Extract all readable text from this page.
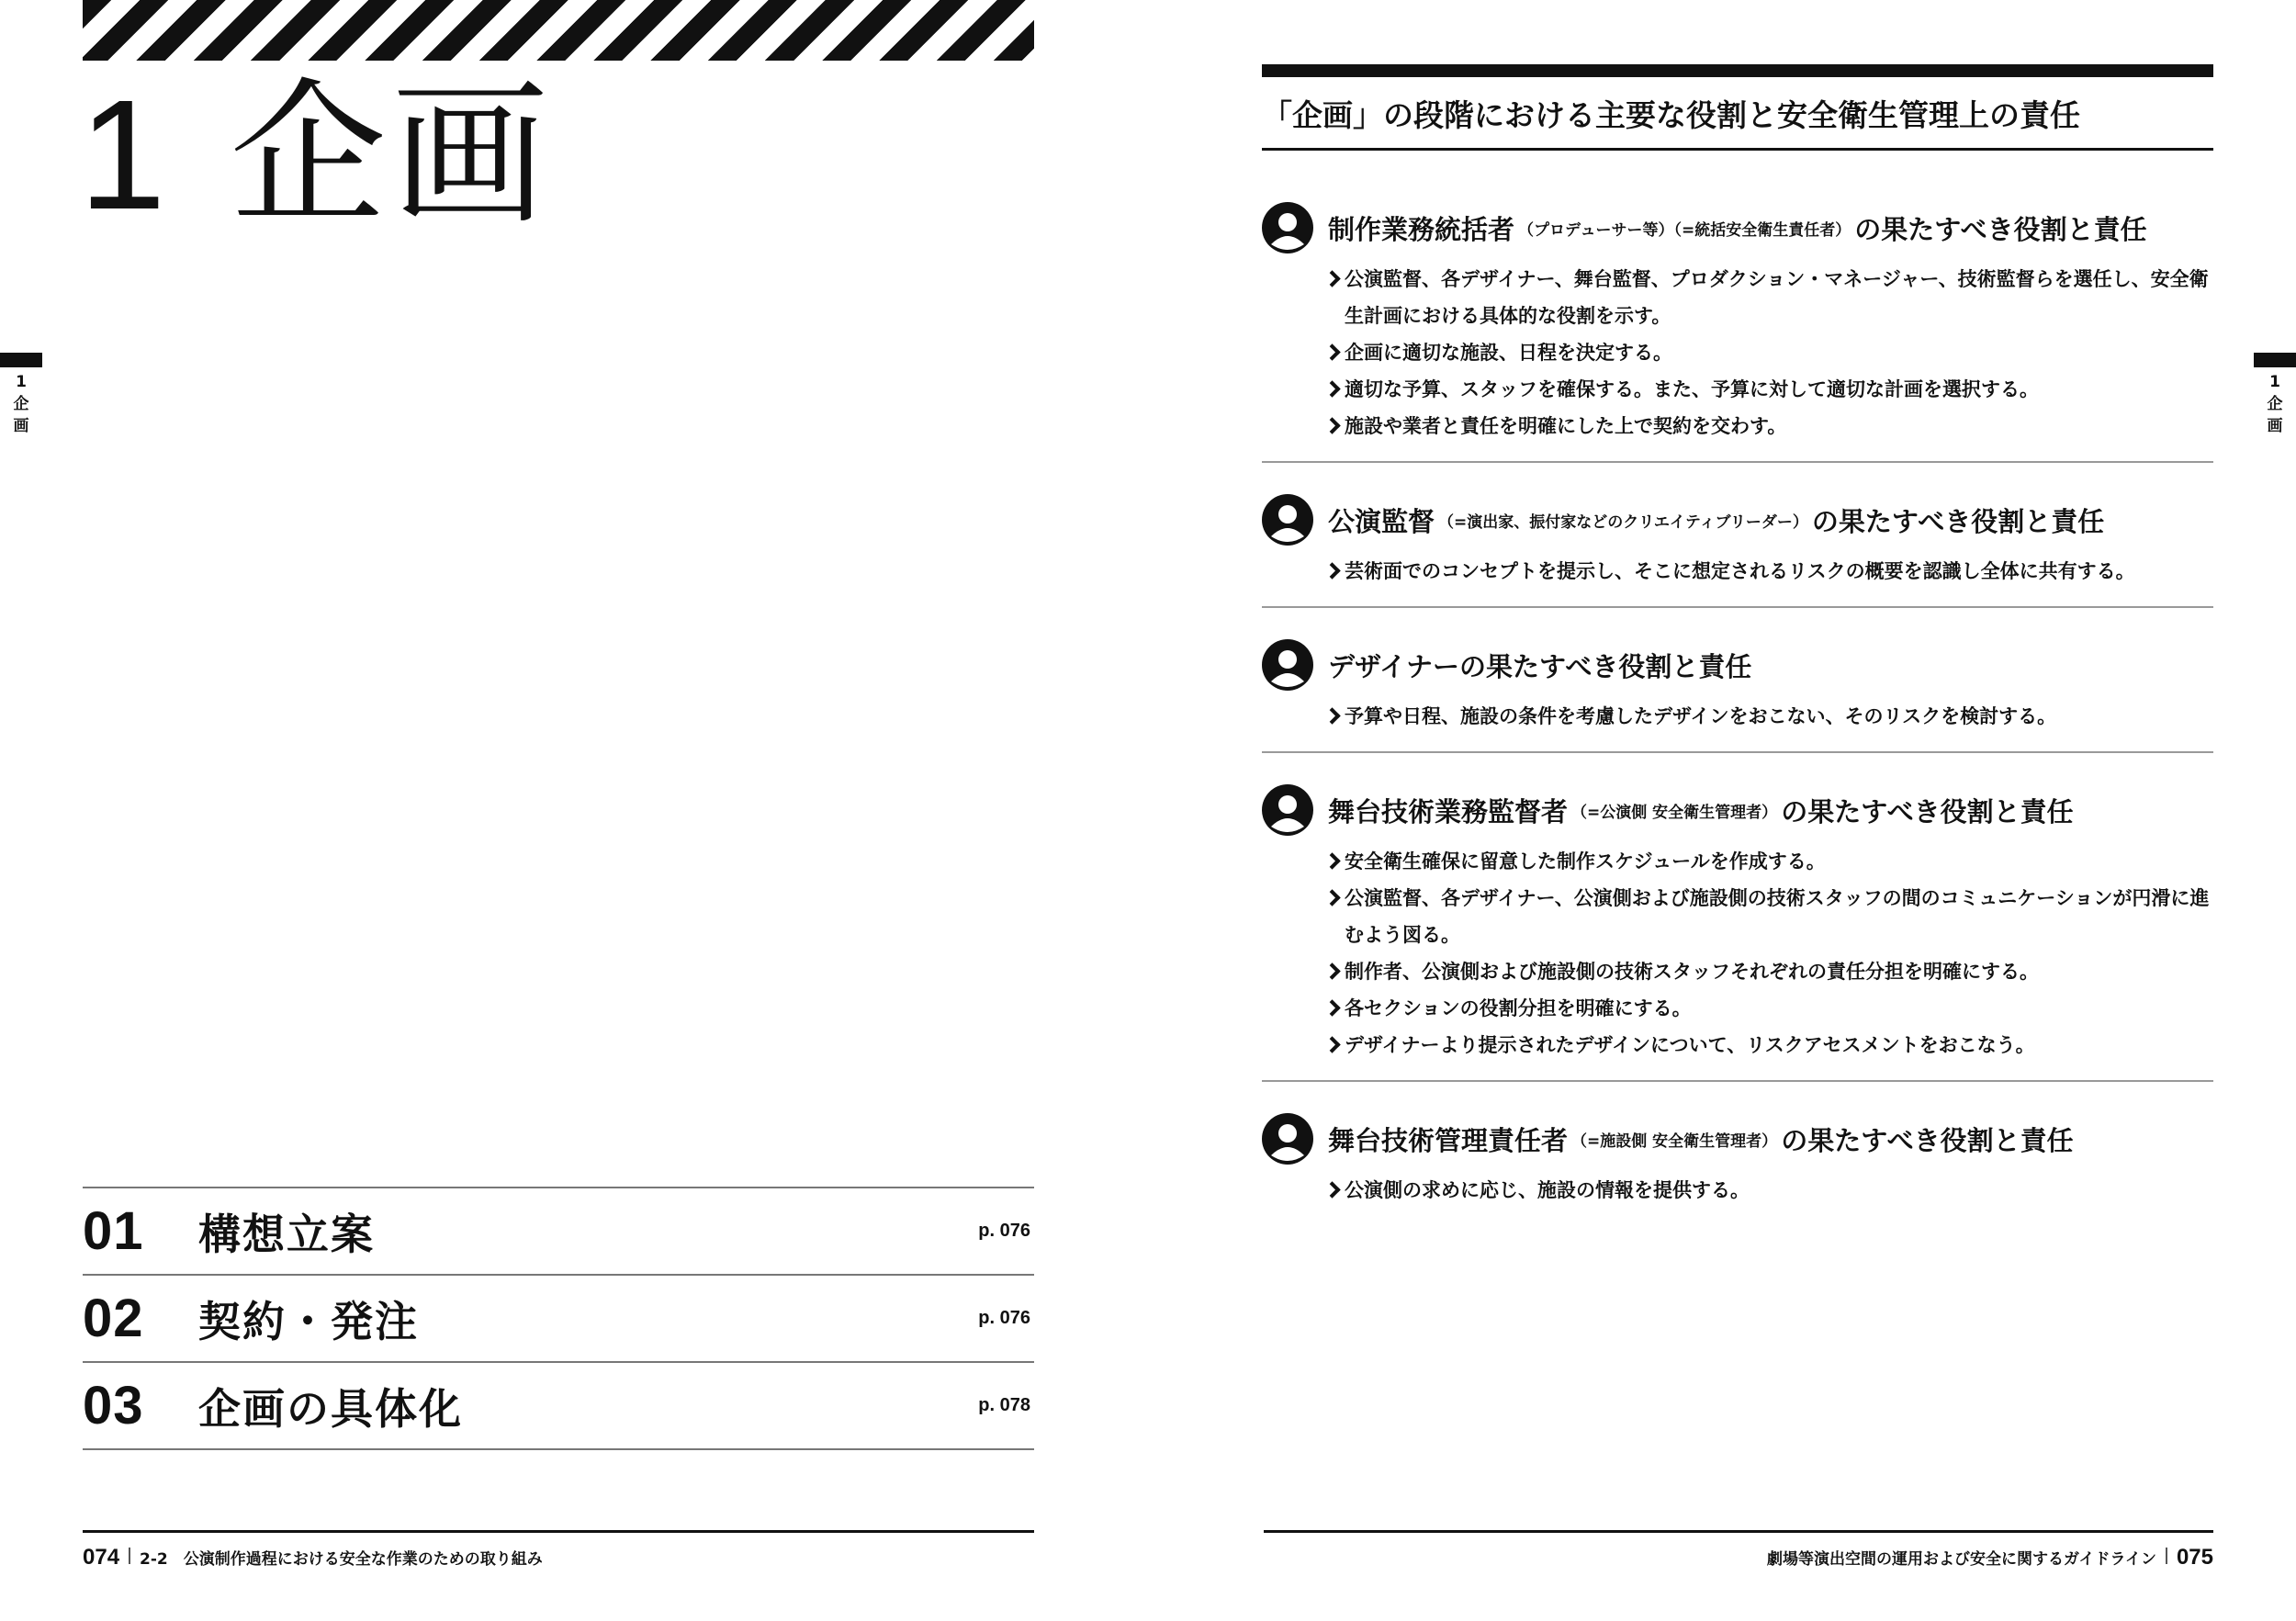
1 企画
1
企
画
01	構想立案	p. 076
02	契約・発注	p. 076
03	企画の具体化	p. 078
074 2-2　公演制作過程における安全な作業のための取り組み
「企画」の段階における主要な役割と安全衛生管理上の責任
1
企
画
制作業務統括者 （プロデューサー等）（=統括安全衛生責任者） の果たすべき役割と責任
公演監督、各デザイナー、舞台監督、プロダクション・マネージャー、技術監督らを選任し、安全衛生計画における具体的な役割を示す。
企画に適切な施設、日程を決定する。
適切な予算、スタッフを確保する。また、予算に対して適切な計画を選択する。
施設や業者と責任を明確にした上で契約を交わす。
公演監督 （=演出家、振付家などのクリエイティブリーダー） の果たすべき役割と責任
芸術面でのコンセプトを提示し、そこに想定されるリスクの概要を認識し全体に共有する。
デザイナー の果たすべき役割と責任
予算や日程、施設の条件を考慮したデザインをおこない、そのリスクを検討する。
舞台技術業務監督者 （=公演側 安全衛生管理者） の果たすべき役割と責任
安全衛生確保に留意した制作スケジュールを作成する。
公演監督、各デザイナー、公演側および施設側の技術スタッフの間のコミュニケーションが円滑に進むよう図る。
制作者、公演側および施設側の技術スタッフそれぞれの責任分担を明確にする。
各セクションの役割分担を明確にする。
デザイナーより提示されたデザインについて、リスクアセスメントをおこなう。
舞台技術管理責任者 （=施設側 安全衛生管理者） の果たすべき役割と責任
公演側の求めに応じ、施設の情報を提供する。
劇場等演出空間の運用および安全に関するガイドライン 075
